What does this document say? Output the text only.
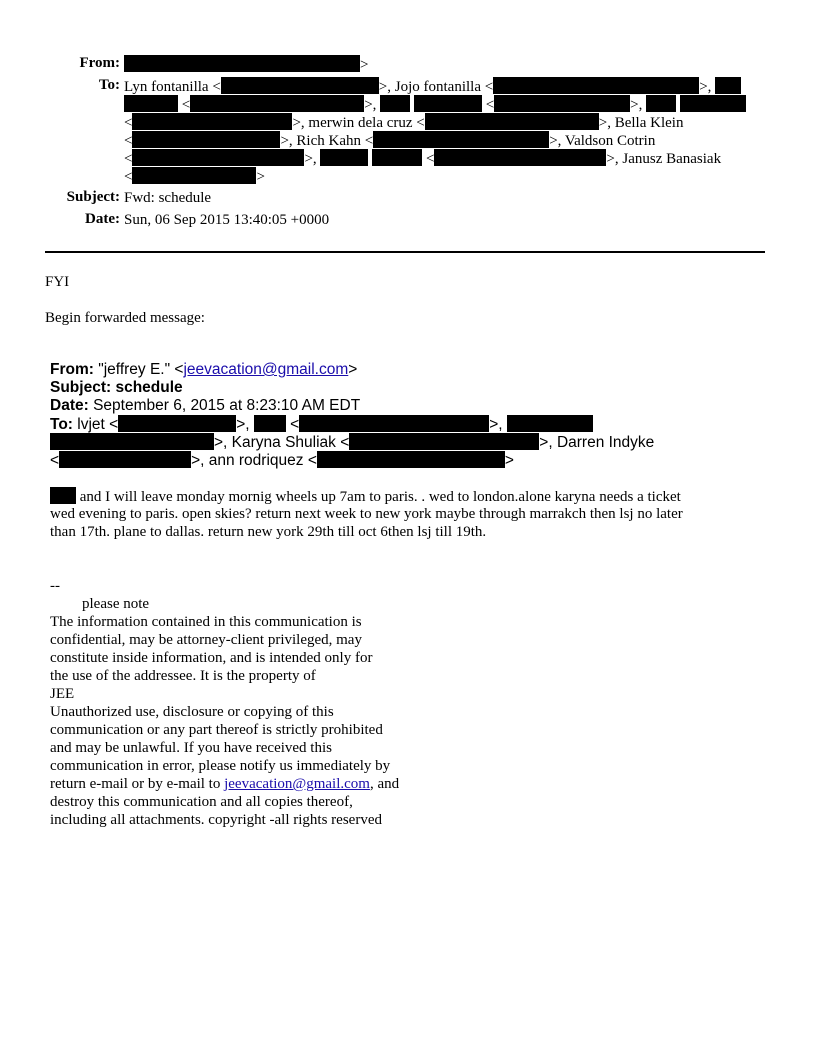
From:	>
To: Lyn fontanilla <	>, Jojo fontanilla <	>,
<	>,	<	>,
<	>, merwin dela cruz <	>, Bella Klein
<	>, Rich Kahn <	>, Valdson Cotrin
<	>,	<	>, Janusz Banasiak
<	>
Subject: Fwd: schedule
Date: Sun, 06 Sep 2015 13:40:05 +0000
FYI
Begin forwarded message:
From: "jeffrey E." <jeevacation@gmail.com>
Subject: schedule
Date: September 6, 2015 at 8:23:10 AM EDT
To: lvjet <	>,  <	>,
>, Karyna Shuliak <	>, Darren Indyke
<	>, ann rodriquez <	>
and I will leave monday mornig wheels up 7am to paris. . wed to london.alone karyna needs a ticket
wed evening to paris. open skies? return next week to new york maybe through marrakch then lsj no later
than 17th. plane to dallas. return new york 29th till oct 6then lsj till 19th.
--
please note
The information contained in this communication is
confidential, may be attorney-client privileged, may
constitute inside information, and is intended only for
the use of the addressee. It is the property of
JEE
Unauthorized use, disclosure or copying of this
communication or any part thereof is strictly prohibited
and may be unlawful. If you have received this
communication in error, please notify us immediately by
return e-mail or by e-mail to jeevacation@gmail.com, and
destroy this communication and all copies thereof,
including all attachments. copyright -all rights reserved
